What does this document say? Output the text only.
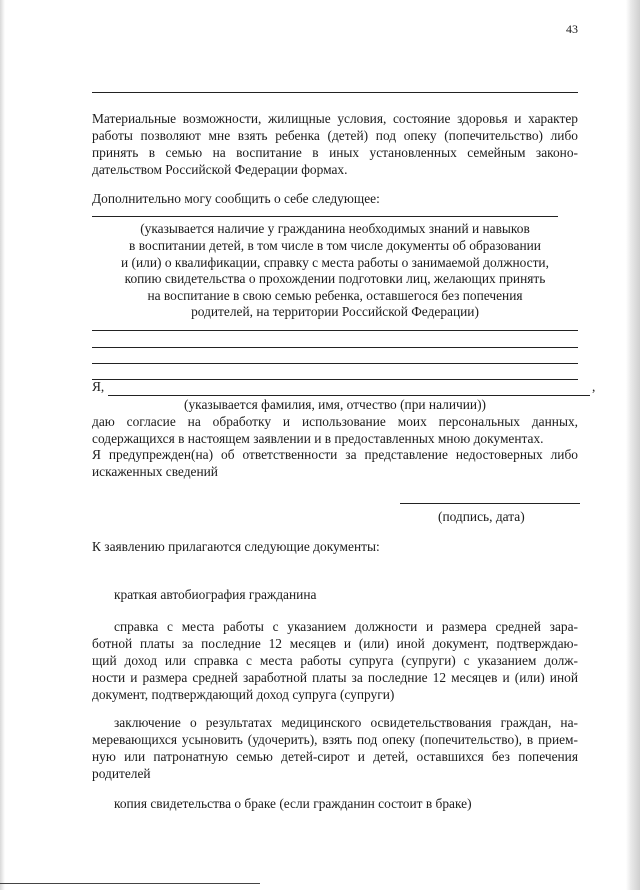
43
Материальные возможности, жилищные условия, состояние здоровья и характер
работы позволяют мне взять ребенка (детей) под опеку (попечительство) либо
принять в семью на воспитание в иных установленных семейным законо-
дательством Российской Федерации формах.
Дополнительно могу сообщить о себе следующее:
(указывается наличие у гражданина необходимых знаний и навыков
в воспитании детей, в том числе в том числе документы об образовании
и (или) о квалификации, справку с места работы о занимаемой должности,
копию свидетельства о прохождении подготовки лиц, желающих принять
на воспитание в свою семью ребенка, оставшегося без попечения
родителей, на территории Российской Федерации)
Я,	,
(указывается фамилия, имя, отчество (при наличии))
даю согласие на обработку и использование моих персональных данных,
содержащихся в настоящем заявлении и в предоставленных мною документах.
Я предупрежден(на) об ответственности за представление недостоверных либо
искаженных сведений
(подпись, дата)
К заявлению прилагаются следующие документы:
краткая автобиография гражданина
справка с места работы с указанием должности и размера средней зара-
ботной платы за последние 12 месяцев и (или) иной документ, подтверждаю-
щий доход или справка с места работы супруга (супруги) с указанием долж-
ности и размера средней заработной платы за последние 12 месяцев и (или) иной
документ, подтверждающий доход супруга (супруги)
заключение о результатах медицинского освидетельствования граждан, на-
меревающихся усыновить (удочерить), взять под опеку (попечительство), в прием-
ную или патронатную семью детей-сирот и детей, оставшихся без попечения
родителей
копия свидетельства о браке (если гражданин состоит в браке)
